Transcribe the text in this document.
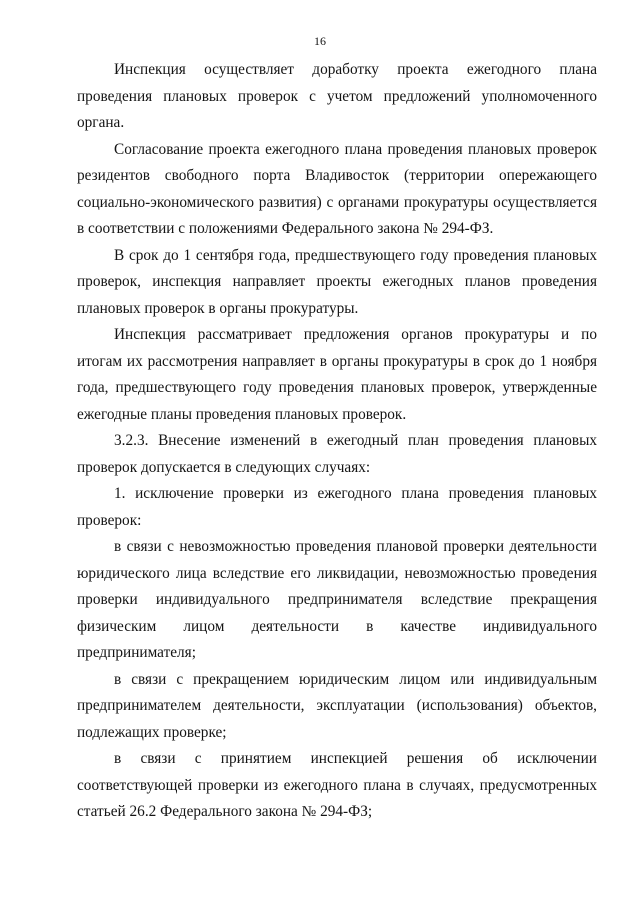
16

Инспекция осуществляет доработку проекта ежегодного плана проведения плановых проверок с учетом предложений уполномоченного органа.

Согласование проекта ежегодного плана проведения плановых проверок резидентов свободного порта Владивосток (территории опережающего социально-экономического развития) с органами прокуратуры осуществляется в соответствии с положениями Федерального закона № 294-ФЗ.

В срок до 1 сентября года, предшествующего году проведения плановых проверок, инспекция направляет проекты ежегодных планов проведения плановых проверок в органы прокуратуры.

Инспекция рассматривает предложения органов прокуратуры и по итогам их рассмотрения направляет в органы прокуратуры в срок до 1 ноября года, предшествующего году проведения плановых проверок, утвержденные ежегодные планы проведения плановых проверок.

3.2.3. Внесение изменений в ежегодный план проведения плановых проверок допускается в следующих случаях:

1. исключение проверки из ежегодного плана проведения плановых проверок:

в связи с невозможностью проведения плановой проверки деятельности юридического лица вследствие его ликвидации, невозможностью проведения проверки индивидуального предпринимателя вследствие прекращения физическим лицом деятельности в качестве индивидуального предпринимателя;

в связи с прекращением юридическим лицом или индивидуальным предпринимателем деятельности, эксплуатации (использования) объектов, подлежащих проверке;

в связи с принятием инспекцией решения об исключении соответствующей проверки из ежегодного плана в случаях, предусмотренных статьей 26.2 Федерального закона № 294-ФЗ;
